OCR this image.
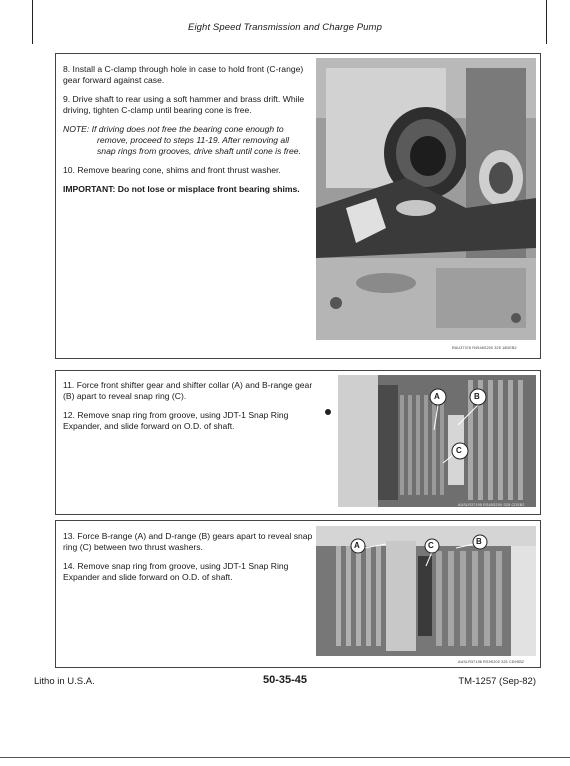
Eight Speed Transmission and Charge Pump

8. Install a C-clamp through hole in case to hold front (C-range) gear forward against case.

9. Drive shaft to rear using a soft hammer and brass drift. While driving, tighten C-clamp until bearing cone is free.

NOTE: If driving does not free the bearing cone enough to remove, proceed to steps 11-19. After removing all snap rings from grooves, drive shaft until cone is free.

10. Remove bearing cone, shims and front thrust washer.

IMPORTANT: Do not lose or misplace front bearing shims.

RAU37376 R4546S200 325 18DEB2

11. Force front shifter gear and shifter collar (A) and B-range gear (B) apart to reveal snap ring (C).

12. Remove snap ring from groove, using JDT-1 Snap Ring Expander, and slide forward on O.D. of shaft.

A	B
C
AUSLR37195 RS45S200 S25 CDSB2

13. Force B-range (A) and D-range (B) gears apart to reveal snap ring (C) between two thrust washers.

14. Remove snap ring from groove, using JDT-1 Snap Ring Expander and slide forward on O.D. of shaft.

A	C	B
AUSLR37196 RS9S200 325 CD9SB2
Litho in U.S.A.	50-35-45	TM-1257 (Sep-82)
